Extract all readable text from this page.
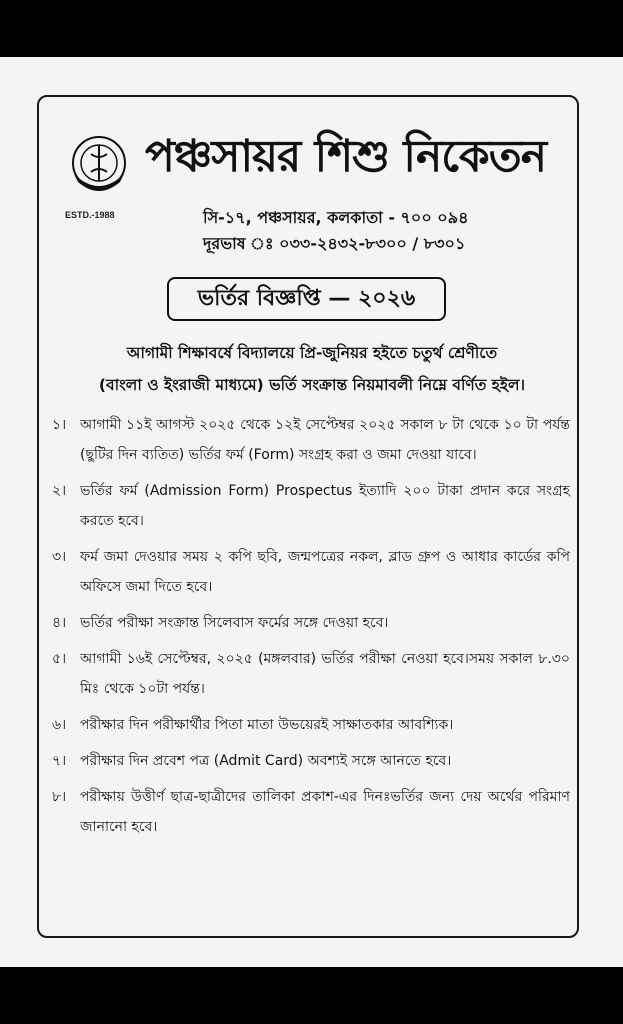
ESTD.-1988
পঞ্চসায়র শিশু নিকেতন
সি-১৭, পঞ্চসায়র, কলকাতা - ৭০০ ০৯৪
দূরভাষ ঃ ০৩৩-২৪৩২-৮৩০০ / ৮৩০১
ভর্তির বিজ্ঞপ্তি — ২০২৬
আগামী শিক্ষাবর্ষে বিদ্যালয়ে প্রি-জুনিয়র হইতে চতুর্থ শ্রেণীতে
(বাংলা ও ইংরাজী মাধ্যমে) ভর্তি সংক্রান্ত নিয়মাবলী নিম্নে বর্ণিত হইল।
১। আগামী ১১ই আগস্ট ২০২৫ থেকে ১২ই সেপ্টেম্বর ২০২৫ সকাল ৮ টা থেকে ১০ টা পর্যন্ত (ছুটির দিন ব্যতিত) ভর্তির ফর্ম (Form) সংগ্রহ করা ও জমা দেওয়া যাবে।
২। ভর্তির ফর্ম (Admission Form) Prospectus ইত্যাদি ২০০ টাকা প্রদান করে সংগ্রহ করতে হবে।
৩। ফর্ম জমা দেওয়ার সময় ২ কপি ছবি, জন্মপত্রের নকল, ব্লাড গ্রুপ ও আধার কার্ডের কপি অফিসে জমা দিতে হবে।
৪। ভর্তির পরীক্ষা সংক্রান্ত সিলেবাস ফর্মের সঙ্গে দেওয়া হবে।
৫। আগামী ১৬ই সেপ্টেম্বর, ২০২৫ (মঙ্গলবার) ভর্তির পরীক্ষা নেওয়া হবে।সময় সকাল ৮.৩০ মিঃ থেকে ১০টা পর্যন্ত।
৬। পরীক্ষার দিন পরীক্ষার্থীর পিতা মাতা উভয়েরই সাক্ষাতকার আবশ্যিক।
৭। পরীক্ষার দিন প্রবেশ পত্র (Admit Card) অবশ্যই সঙ্গে আনতে হবে।
৮। পরীক্ষায় উত্তীর্ণ ছাত্র-ছাত্রীদের তালিকা প্রকাশ-এর দিনঃভর্তির জন্য দেয় অর্থের পরিমাণ জানানো হবে।
